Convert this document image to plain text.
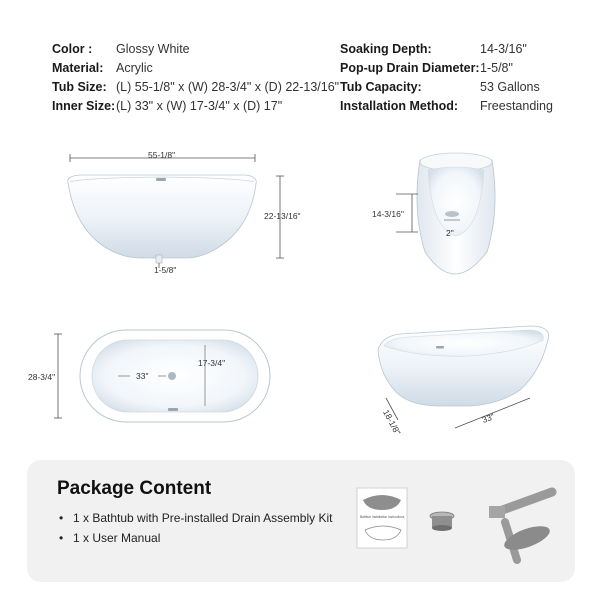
Color :	Glossy White
Material:	Acrylic
Tub Size: (L) 55-1/8" x (W) 28-3/4" x (D) 22-13/16"
Inner Size: (L) 33" x (W) 17-3/4" x (D) 17"
Soaking Depth:	14-3/16"
Pop-up Drain Diameter: 1-5/8"
Tub Capacity:	53 Gallons
Installation Method:	Freestanding
55-1/8"
22-13/16"
1-5/8"
14-3/16"
2"
28-3/4"	33"
17-3/4"
18-1/8"	33"
Package Content
• 1 x Bathtub with Pre-installed Drain Assembly Kit
• 1 x User Manual
Bathtub Installation Instructions
